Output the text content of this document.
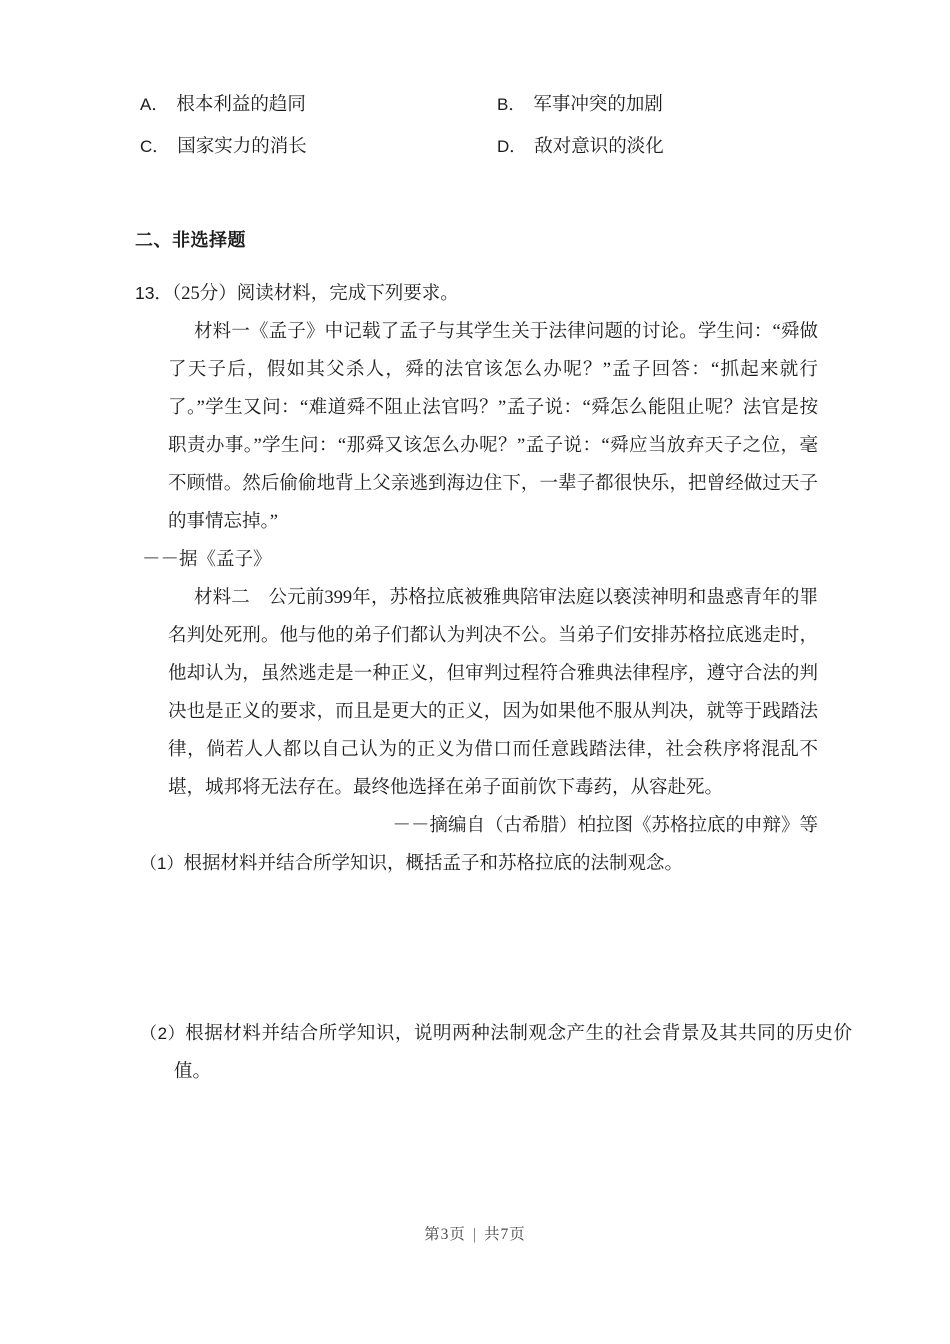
A． 根本利益的趋同	B． 军事冲突的加剧
C． 国家实力的消长	D． 敌对意识的淡化
二、非选择题
13．（25分）阅读材料，完成下列要求。

材料一《孟子》中记载了孟子与其学生关于法律问题的讨论。学生问：“舜做了天子后，假如其父杀人，舜的法官该怎么办呢？”孟子回答：“抓起来就行了。”学生又问：“难道舜不阻止法官吗？”孟子说：“舜怎么能阻止呢？法官是按职责办事。”学生问：“那舜又该怎么办呢？”孟子说：“舜应当放弃天子之位，毫不顾惜。然后偷偷地背上父亲逃到海边住下，一辈子都很快乐，把曾经做过天子的事情忘掉。”

－－据《孟子》

材料二　公元前399年，苏格拉底被雅典陪审法庭以亵渎神明和蛊惑青年的罪名判处死刑。他与他的弟子们都认为判决不公。当弟子们安排苏格拉底逃走时，他却认为，虽然逃走是一种正义，但审判过程符合雅典法律程序，遵守合法的判决也是正义的要求，而且是更大的正义，因为如果他不服从判决，就等于践踏法律，倘若人人都以自己认为的正义为借口而任意践踏法律，社会秩序将混乱不堪，城邦将无法存在。最终他选择在弟子面前饮下毒药，从容赴死。

－－摘编自（古希腊）柏拉图《苏格拉底的申辩》等

（1）根据材料并结合所学知识，概括孟子和苏格拉底的法制观念。

（2）根据材料并结合所学知识，说明两种法制观念产生的社会背景及其共同的历史价值。

第3页 | 共7页
